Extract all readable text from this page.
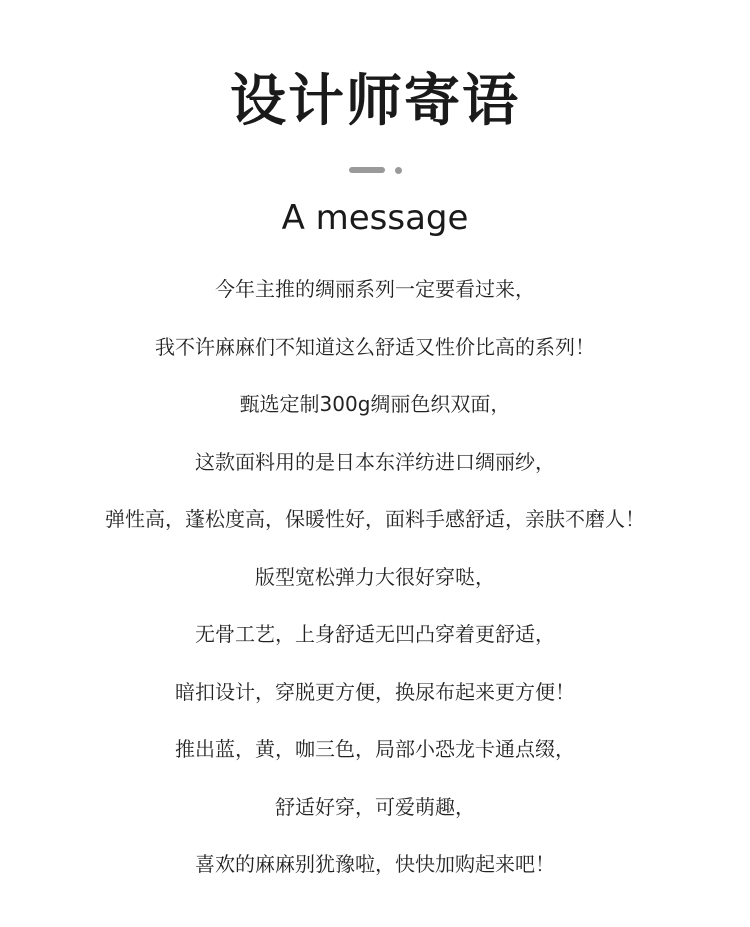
设计师寄语
A message
今年主推的绸丽系列一定要看过来，
我不许麻麻们不知道这么舒适又性价比高的系列！
甄选定制300g绸丽色织双面，
这款面料用的是日本东洋纺进口绸丽纱，
弹性高，蓬松度高，保暖性好，面料手感舒适，亲肤不磨人！
版型宽松弹力大很好穿哒，
无骨工艺，上身舒适无凹凸穿着更舒适，
暗扣设计，穿脱更方便，换尿布起来更方便！
推出蓝，黄，咖三色，局部小恐龙卡通点缀，
舒适好穿，可爱萌趣，
喜欢的麻麻别犹豫啦，快快加购起来吧！
